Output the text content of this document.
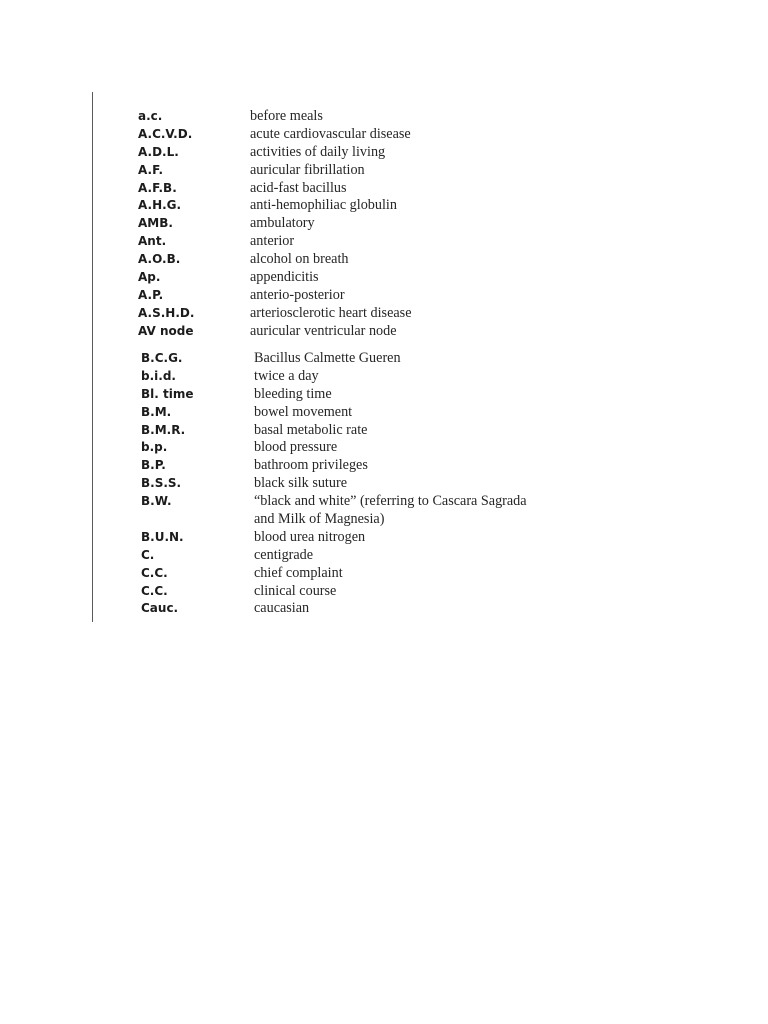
a.c.	before meals
A.C.V.D.	acute cardiovascular disease
A.D.L.	activities of daily living
A.F.	auricular fibrillation
A.F.B.	acid-fast bacillus
A.H.G.	anti-hemophiliac globulin
AMB.	ambulatory
Ant.	anterior
A.O.B.	alcohol on breath
Ap.	appendicitis
A.P.	anterio-posterior
A.S.H.D.	arteriosclerotic heart disease
AV node	auricular ventricular node
B.C.G.	Bacillus Calmette Gueren
b.i.d.	twice a day
Bl. time	bleeding time
B.M.	bowel movement
B.M.R.	basal metabolic rate
b.p.	blood pressure
B.P.	bathroom privileges
B.S.S.	black silk suture
B.W.	“black and white” (referring to Cascara Sagrada
and Milk of Magnesia)
B.U.N.	blood urea nitrogen
C.	centigrade
C.C.	chief complaint
C.C.	clinical course
Cauc.	caucasian
